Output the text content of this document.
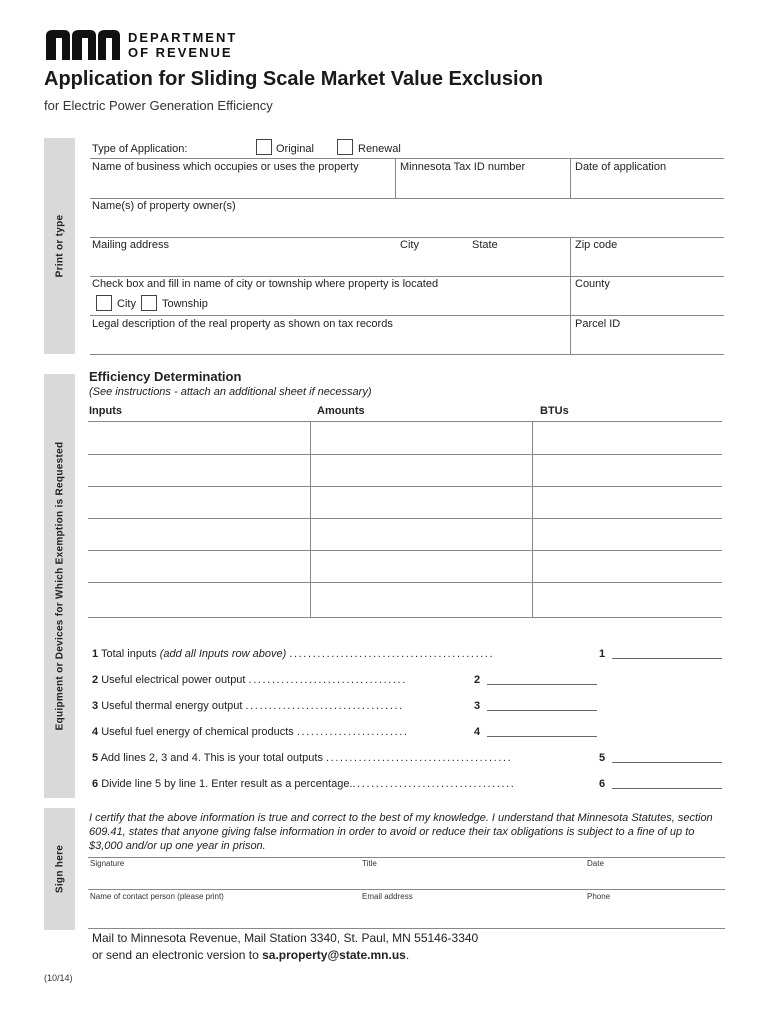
DEPARTMENT
OF REVENUE
Application for Sliding Scale Market Value Exclusion
for Electric Power Generation Efficiency
Print or type
Equipment or Devices for Which Exemption is Requested
Sign here
Type of Application:	Original	Renewal
Name of business which occupies or uses the property	Minnesota Tax ID number	Date of application
Name(s) of property owner(s)
Mailing address	City	State	Zip code
Check box and fill in name of city or township where property is located	County
City Township
Legal description of the real property as shown on tax records	Parcel ID
Efficiency Determination
(See instructions - attach an additional sheet if necessary)
Inputs	Amounts	BTUs
1 Total inputs (add all Inputs row above) ............................................	1
2 Useful electrical power output ..................................	2
3 Useful thermal energy output ..................................	3
4 Useful fuel energy of chemical products ........................	4
5 Add lines 2, 3 and 4. This is your total outputs ........................................	5
6 Divide line 5 by line 1. Enter result as a percentage....................................	6
I certify that the above information is true and correct to the best of my knowledge. I understand that Minnesota Statutes, section 609.41, states that anyone giving false information in order to avoid or reduce their tax obligations is subject to a fine of up to $3,000 and/or up one year in prison.
Signature	Title	Date
Name of contact person (please print)	Email address	Phone
Mail to Minnesota Revenue, Mail Station 3340, St. Paul, MN 55146-3340
or send an electronic version to sa.property@state.mn.us.
(10/14)
